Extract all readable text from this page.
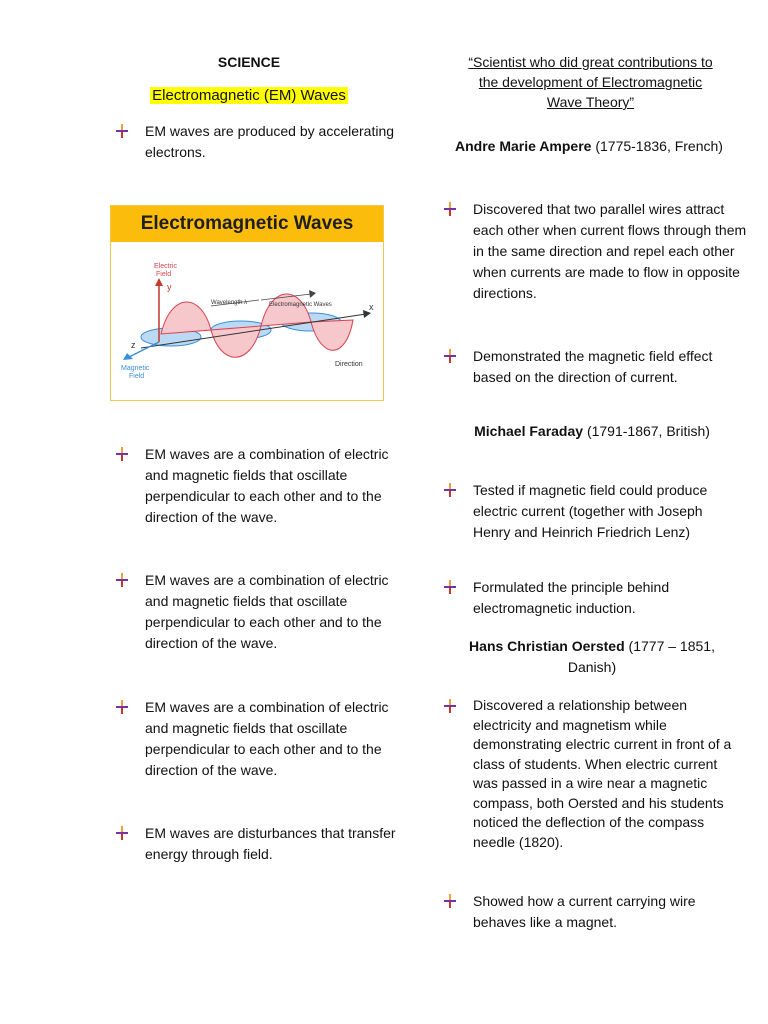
SCIENCE

Electromagnetic (EM) Waves
EM waves are produced by accelerating electrons.
Electromagnetic Waves
Electric
Field
y
Wavelength λ	Electromagnetic Waves	x
z
Magnetic
Field
Direction
EM waves are a combination of electric and magnetic fields that oscillate perpendicular to each other and to the direction of the wave.
EM waves are a combination of electric and magnetic fields that oscillate perpendicular to each other and to the direction of the wave.
EM waves are a combination of electric and magnetic fields that oscillate perpendicular to each other and to the direction of the wave.
EM waves are disturbances that transfer energy through field.

“Scientist who did great contributions to the development of Electromagnetic Wave Theory”

Andre Marie Ampere (1775-1836, French)
Discovered that two parallel wires attract each other when current flows through them in the same direction and repel each other when currents are made to flow in opposite directions.
Demonstrated the magnetic field effect based on the direction of current.
Michael Faraday (1791-1867, British)
Tested if magnetic field could produce electric current (together with Joseph Henry and Heinrich Friedrich Lenz)
Formulated the principle behind electromagnetic induction.
Hans Christian Oersted (1777 – 1851, Danish)
Discovered a relationship between electricity and magnetism while demonstrating electric current in front of a class of students. When electric current was passed in a wire near a magnetic compass, both Oersted and his students noticed the deflection of the compass needle (1820).
Showed how a current carrying wire behaves like a magnet.
